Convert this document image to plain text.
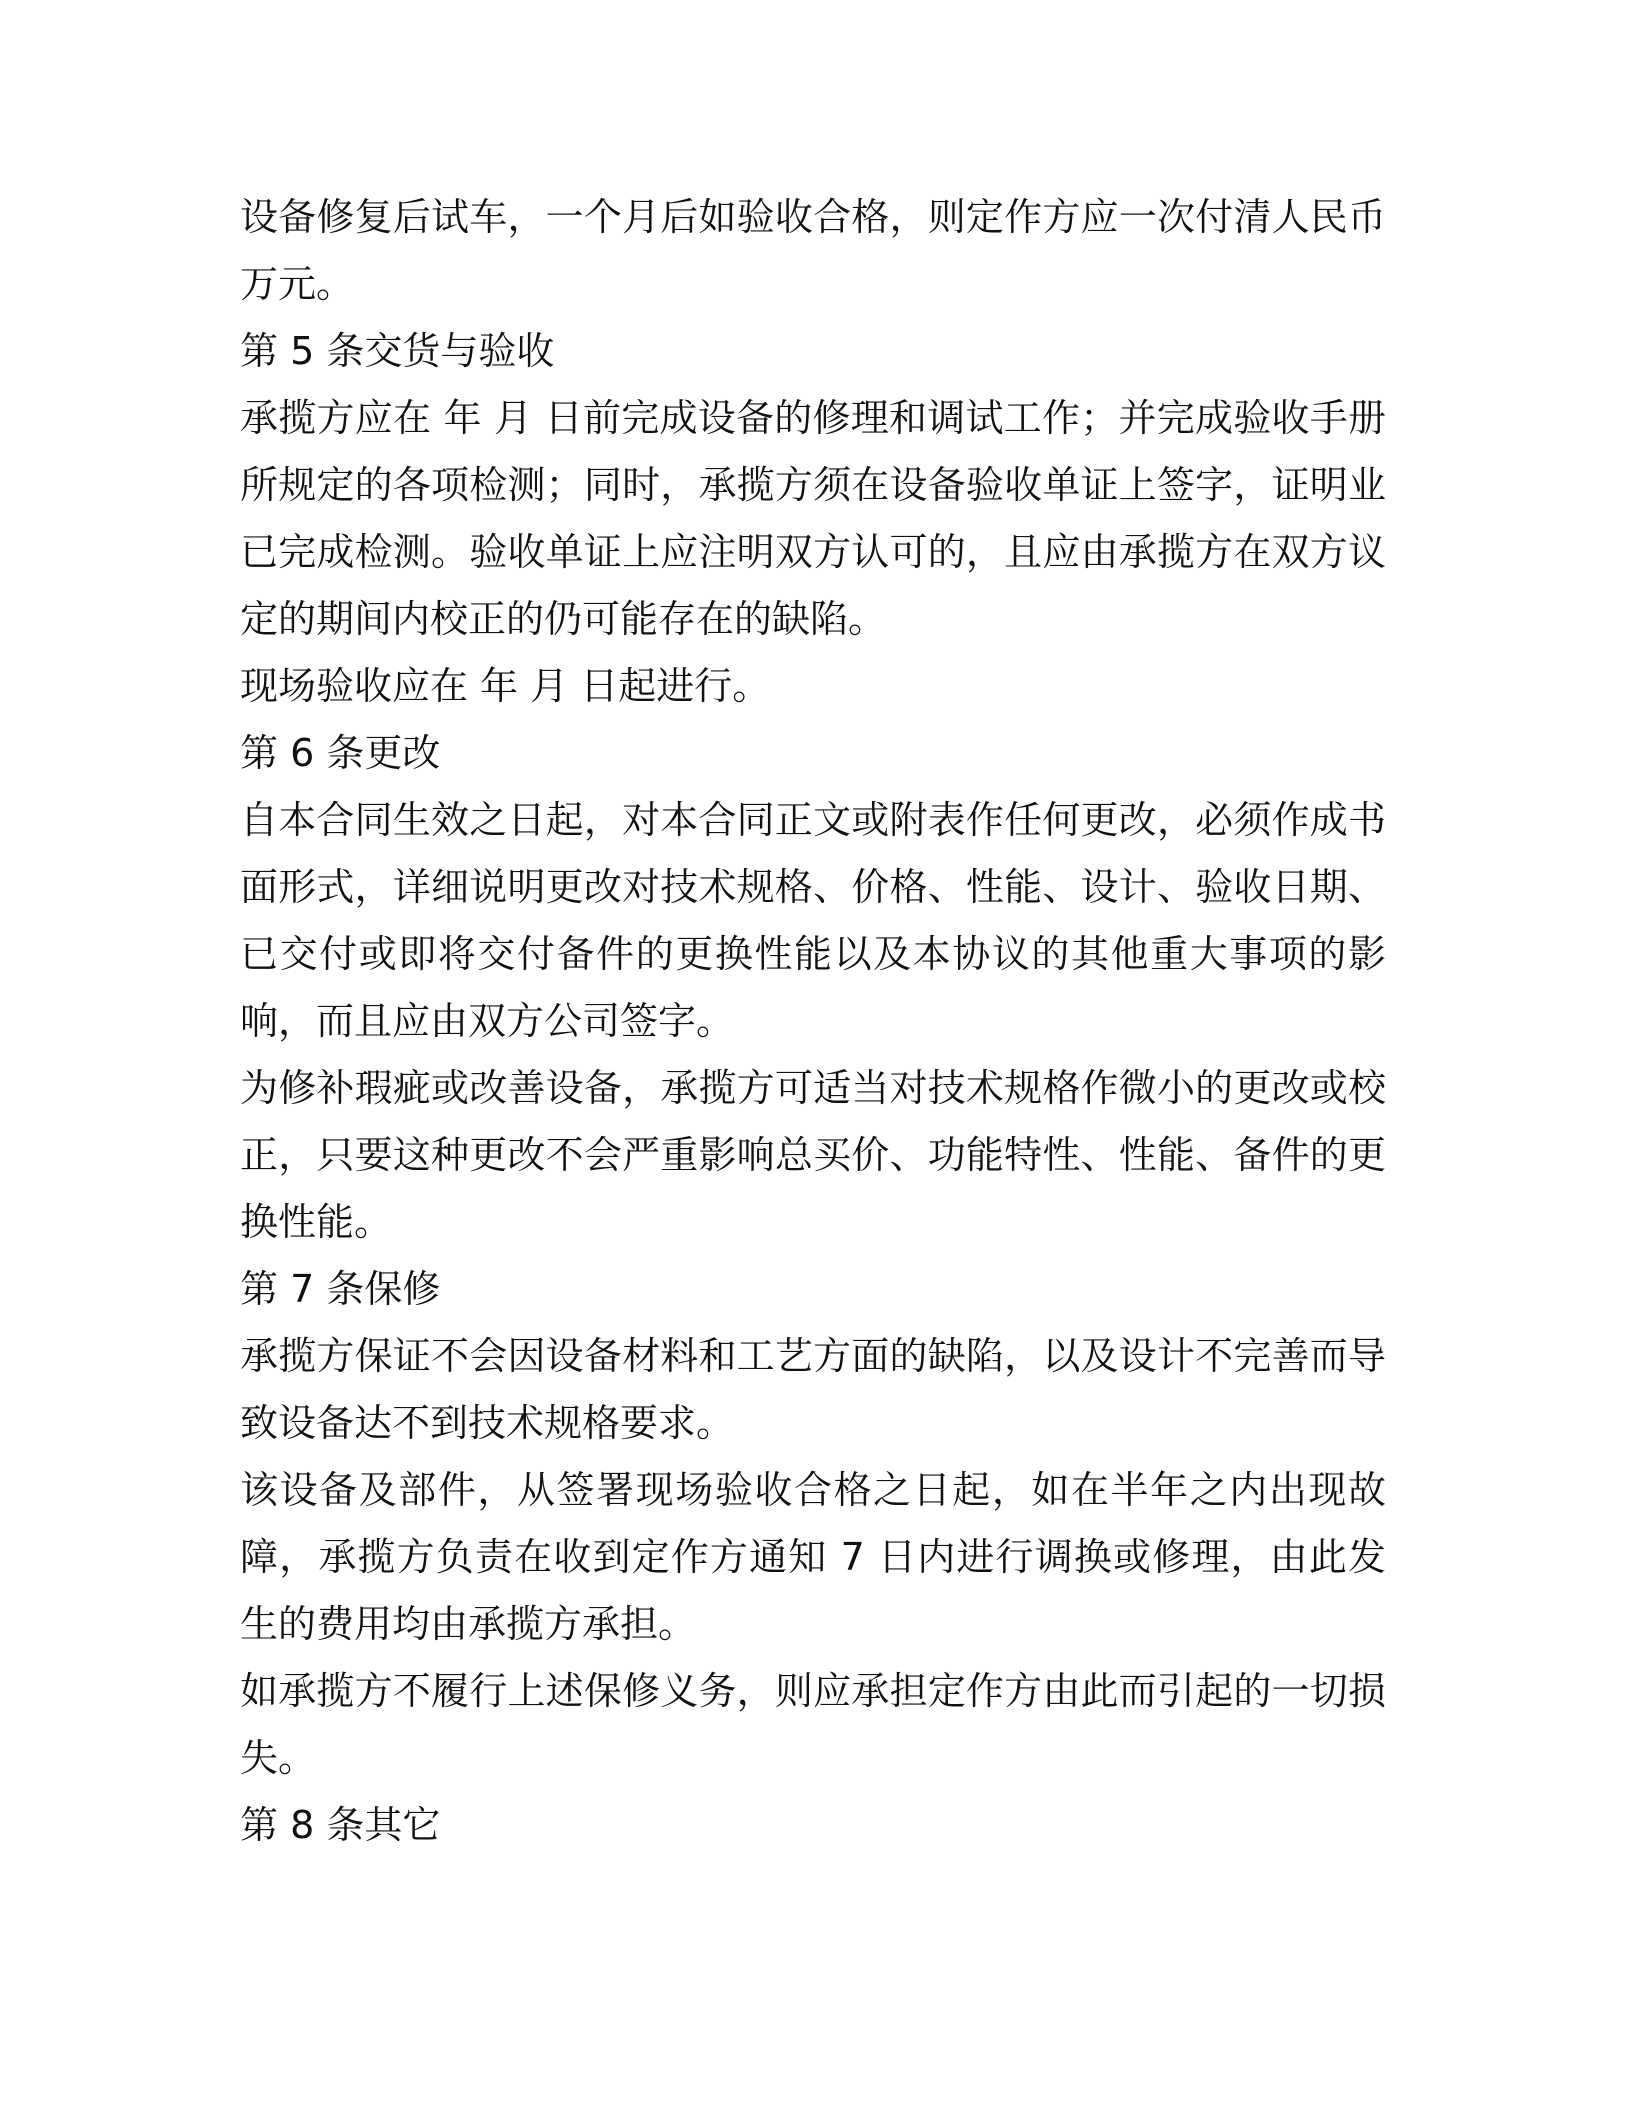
设备修复后试车，一个月后如验收合格，则定作方应一次付清人民币 万元。

第 5 条交货与验收

承揽方应在 年 月 日前完成设备的修理和调试工作；并完成验收手册所规定的各项检测；同时，承揽方须在设备验收单证上签字，证明业已完成检测。验收单证上应注明双方认可的，且应由承揽方在双方议定的期间内校正的仍可能存在的缺陷。

现场验收应在 年 月 日起进行。

第 6 条更改

自本合同生效之日起，对本合同正文或附表作任何更改，必须作成书面形式，详细说明更改对技术规格、价格、性能、设计、验收日期、已交付或即将交付备件的更换性能以及本协议的其他重大事项的影响，而且应由双方公司签字。

为修补瑕疵或改善设备，承揽方可适当对技术规格作微小的更改或校正，只要这种更改不会严重影响总买价、功能特性、性能、备件的更换性能。

第 7 条保修

承揽方保证不会因设备材料和工艺方面的缺陷，以及设计不完善而导致设备达不到技术规格要求。

该设备及部件，从签署现场验收合格之日起，如在半年之内出现故障，承揽方负责在收到定作方通知 7 日内进行调换或修理，由此发生的费用均由承揽方承担。

如承揽方不履行上述保修义务，则应承担定作方由此而引起的一切损失。

第 8 条其它
